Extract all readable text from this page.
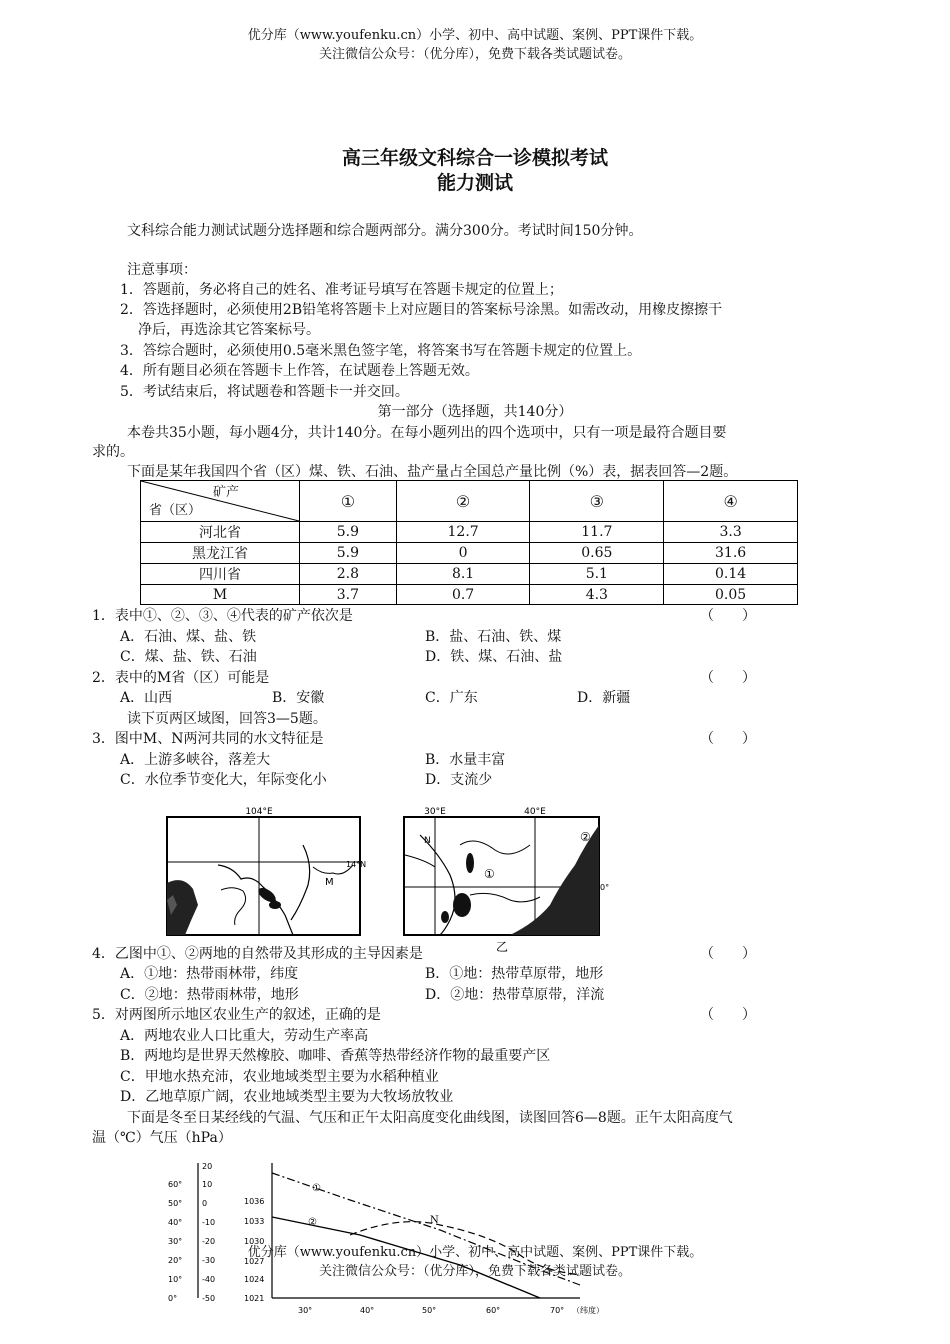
优分库（www.youfenku.cn）小学、初中、高中试题、案例、PPT课件下载。
关注微信公众号：（优分库），免费下载各类试题试卷。
高三年级文科综合一诊模拟考试
能力测试
文科综合能力测试试题分选择题和综合题两部分。满分300分。考试时间150分钟。
注意事项：
1．答题前，务必将自己的姓名、准考证号填写在答题卡规定的位置上；
2．答选择题时，必须使用2B铅笔将答题卡上对应题目的答案标号涂黑。如需改动，用橡皮擦擦干
净后，再选涂其它答案标号。
3．答综合题时，必须使用0.5毫米黑色签字笔，将答案书写在答题卡规定的位置上。
4．所有题目必须在答题卡上作答，在试题卷上答题无效。
5．考试结束后，将试题卷和答题卡一并交回。
第一部分（选择题，共140分）
本卷共35小题，每小题4分，共计140分。在每小题列出的四个选项中，只有一项是最符合题目要
求的。
下面是某年我国四个省（区）煤、铁、石油、盐产量占全国总产量比例（%）表，据表回答—2题。
矿产
省（区）	①	②	③	④
河北省	5.9	12.7	11.7	3.3
黑龙江省	5.9	0	0.65	31.6
四川省	2.8	8.1	5.1	0.14
M	3.7	0.7	4.3	0.05
1．表中①、②、③、④代表的矿产依次是	（　　）
A．石油、煤、盐、铁	B．盐、石油、铁、煤
C．煤、盐、铁、石油	D．铁、煤、石油、盐
2．表中的M省（区）可能是	（　　）
A．山西	B．安徽	C．广东	D．新疆
读下页两区域图，回答3—5题。
3．图中M、N两河共同的水文特征是	（　　）
A．上游多峡谷，落差大	B．水量丰富
C．水位季节变化大，年际变化小	D．支流少
104°E
14°N
M
30°E	40°E
0°
N
①
②
乙
4．乙图中①、②两地的自然带及其形成的主导因素是	（　　）
A．①地：热带雨林带，纬度	B．①地：热带草原带，地形
C．②地：热带雨林带，地形	D．②地：热带草原带，洋流
5．对两图所示地区农业生产的叙述，正确的是	（　　）
A．两地农业人口比重大，劳动生产率高
B．两地均是世界天然橡胶、咖啡、香蕉等热带经济作物的最重要产区
C．甲地水热充沛，农业地域类型主要为水稻种植业
D．乙地草原广阔，农业地域类型主要为大牧场放牧业
下面是冬至日某经线的气温、气压和正午太阳高度变化曲线图，读图回答6—8题。正午太阳高度气
温（℃）气压（hPa）
60°
50°
40°
30°
20°
10°
0°
20
10
0
-10
-20
-30
-40
-50
1036
1033
1030
1027
1024
1021
30°	40°	50°	60°	70° （纬度）
①
②	N
优分库（www.youfenku.cn）小学、初中、高中试题、案例、PPT课件下载。
关注微信公众号：（优分库），免费下载各类试题试卷。
